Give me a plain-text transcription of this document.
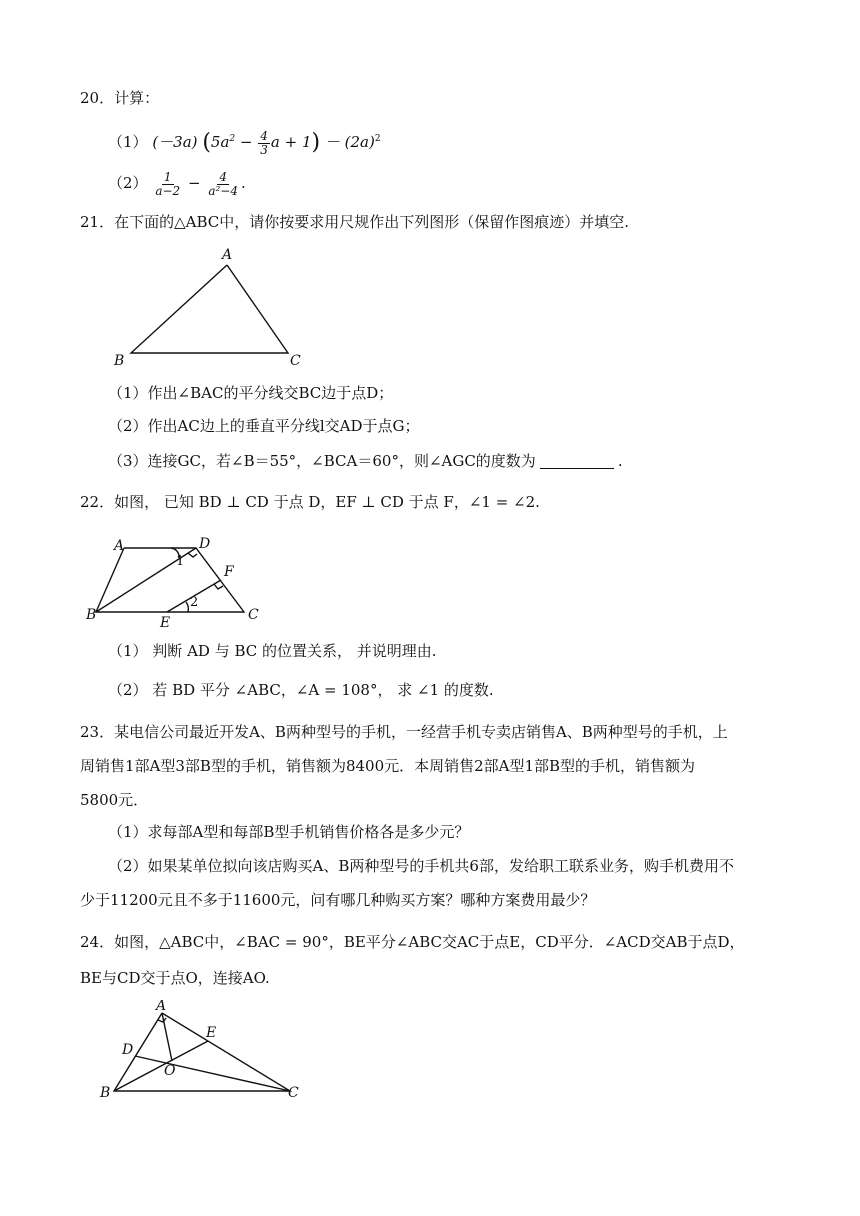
20．计算：
（1） (－3a) ($5a^2 - \frac{4}{3}$ $a + 1) - (2a)^2$
$(2) \frac{1}{a-2} - \frac{4}{\text{a²−4}}$ .
21．在下面的△ABC中，请你按要求用尺规作出下列图形（保留作图痕迹）并填空.
A
B	C
（1）作出∠BAC的平分线交BC边于点D；
（2）作出AC边上的垂直平分线l交AD于点G；
（3）连接GC，若∠B＝55°，∠BCA＝60°，则∠AGC的度数为	.
22．如图， 已知 BD ⊥ CD 于点 D，EF ⊥ CD 于点 F，∠1 = ∠2.
A	D
F
B	E	C
1
2
（1） 判断 AD 与 BC 的位置关系， 并说明理由.
（2） 若 BD 平分 ∠ABC，∠A = 108°， 求 ∠1 的度数.
23．某电信公司最近开发A、B两种型号的手机，一经营手机专卖店销售A、B两种型号的手机，上
周销售1部A型3部B型的手机，销售额为8400元．本周销售2部A型1部B型的手机，销售额为
5800元．
（1）求每部A型和每部B型手机销售价格各是多少元？
（2）如果某单位拟向该店购买A、B两种型号的手机共6部，发给职工联系业务，购手机费用不
少于11200元且不多于11600元，问有哪几种购买方案？哪种方案费用最少？
24．如图，△ABC中，∠BAC = 90°，BE平分∠ABC交AC于点E，CD平分．∠ACD交AB于点D，
BE与CD交于点O，连接AO.
A
E
D
O
B	C
